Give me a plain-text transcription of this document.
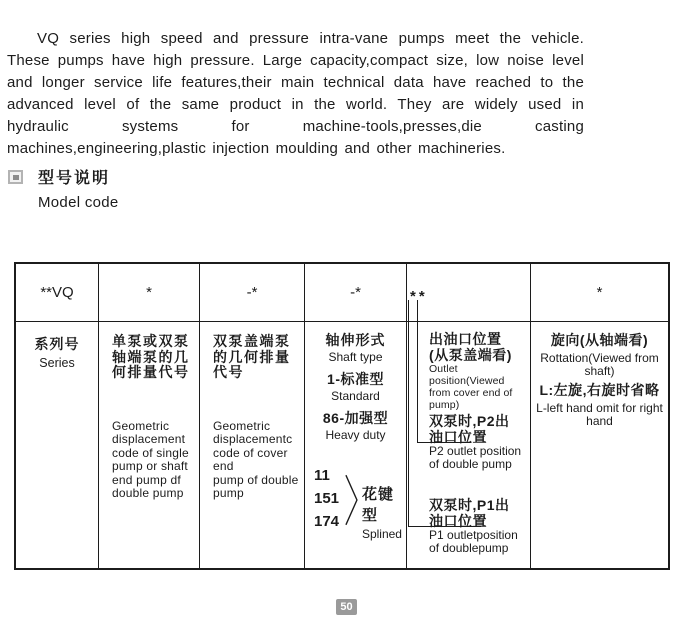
VQ series high speed and pressure intra-vane pumps meet the vehicle. These pumps have high pressure. Large capacity,compact size, low noise level and longer service life features,their main technical data have reached to the advanced level of the same product in the world. They are widely used in hydraulic systems for machine-tools,presses,die casting machines,engineering,plastic injection moulding and other machineries.

型号说明
Model code
**VQ
系列号
Series
*
单泵或双泵
轴端泵的几
何排量代号
Geometric
displacement
code of single
pump or shaft
end pump df
double pump
-*
双泵盖端泵
的几何排量
代号
Geometric
displacementc
code of cover end
pump of double
pump
-*
轴伸形式
Shaft type
1-标准型
Standard
86-加强型
Heavy duty
11
151
174
花键型
Splined
**
出油口位置
(从泵盖端看)
Outlet position(Viewed
from cover end of pump)
双泵时,P2出
油口位置
P2 outlet position
of double pump
双泵时,P1出
油口位置
P1 outletposition
of doublepump
*
旋向(从轴端看)
Rottation(Viewed from shaft)
L:左旋,右旋时省略
L-left hand omit for right hand
50
